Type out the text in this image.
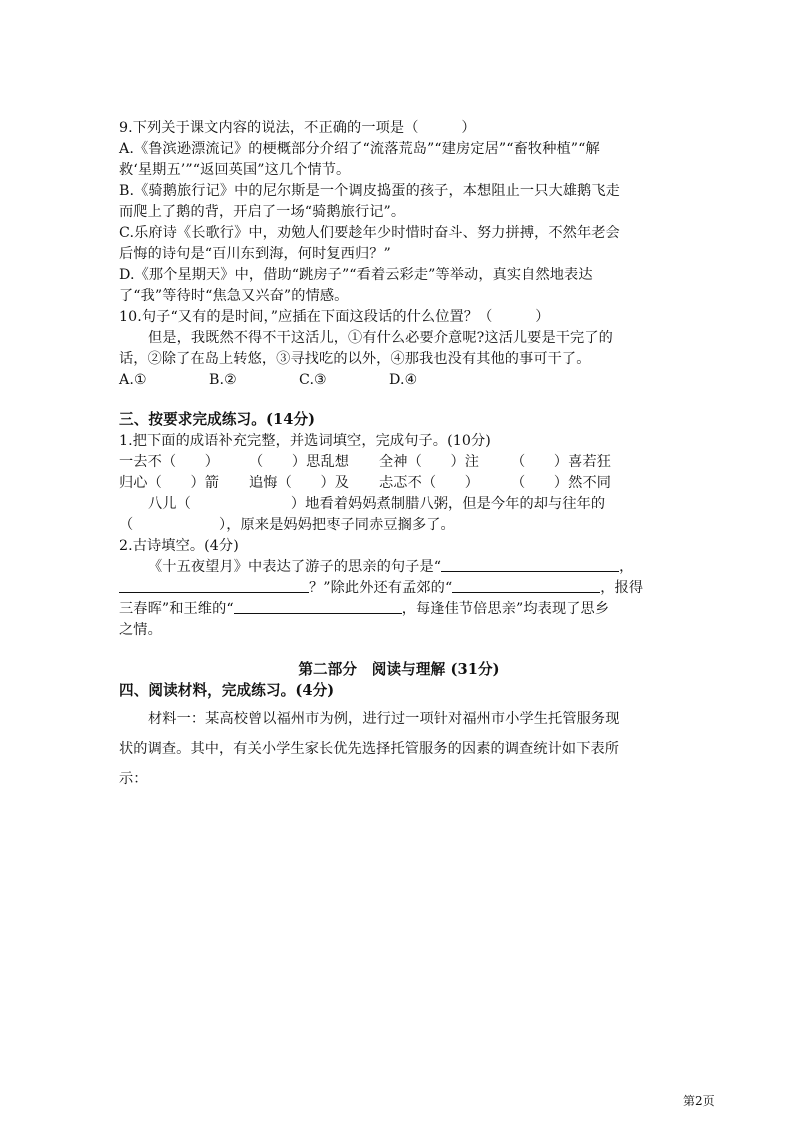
9.下列关于课文内容的说法，不正确的一项是（　　　）
A.《鲁滨逊漂流记》的梗概部分介绍了“流落荒岛”“建房定居”“畜牧种植”“解
救‘星期五’”“返回英国”这几个情节。
B.《骑鹅旅行记》中的尼尔斯是一个调皮捣蛋的孩子，本想阻止一只大雄鹅飞走
而爬上了鹅的背，开启了一场“骑鹅旅行记”。
C.乐府诗《长歌行》中，劝勉人们要趁年少时惜时奋斗、努力拼搏，不然年老会
后悔的诗句是“百川东到海，何时复西归？”
D.《那个星期天》中，借助“跳房子”“看着云彩走”等举动，真实自然地表达
了“我”等待时“焦急又兴奋”的情感。
10.句子“又有的是时间，”应插在下面这段话的什么位置？（　　　）
但是，我既然不得不干这活儿，①有什么必要介意呢?这活儿要是干完了的
话，②除了在岛上转悠，③寻找吃的以外，④那我也没有其他的事可干了。
A.①	B.②	C.③	D.④
三、按要求完成练习。(14分)
1.把下面的成语补充完整，并选词填空，完成句子。(10分)
一去不（　　） （　　）思乱想 全神（　　）注 （　　）喜若狂
归心（　　）箭 追悔（　　）及 忐忑不（　　） （　　）然不同
八儿（　　　　　　　）地看着妈妈煮制腊八粥，但是今年的却与往年的
（　　　　　　），原来是妈妈把枣子同赤豆搁多了。
2.古诗填空。(4分)
《十五夜望月》中表达了游子的思亲的句子是“	，
？”除此外还有孟郊的“	，报得
三春晖”和王维的“	，每逢佳节倍思亲”均表现了思乡
之情。
第二部分　阅读与理解 (31分)
四、阅读材料，完成练习。(4分)
材料一：某高校曾以福州市为例，进行过一项针对福州市小学生托管服务现
状的调查。其中，有关小学生家长优先选择托管服务的因素的调查统计如下表所
示：
第2页
